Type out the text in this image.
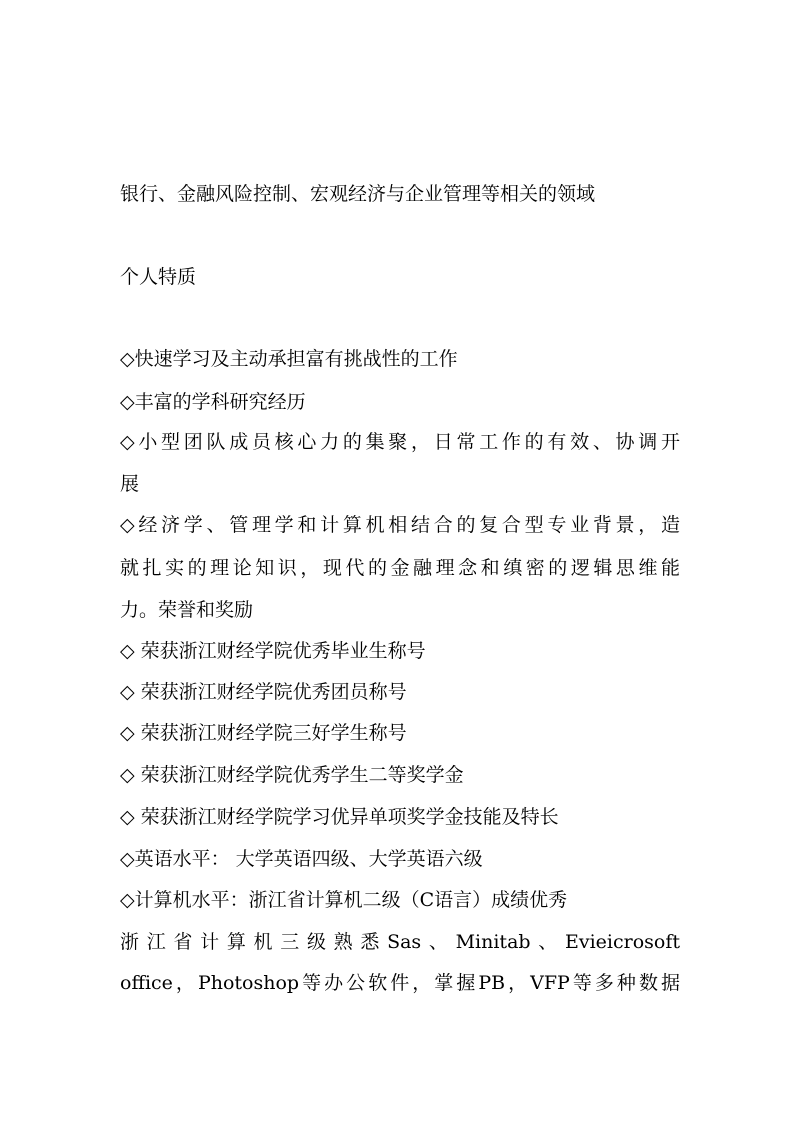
银行、金融风险控制、宏观经济与企业管理等相关的领域
个人特质
◇快速学习及主动承担富有挑战性的工作
◇丰富的学科研究经历
◇小型团队成员核心力的集聚，日常工作的有效、协调开
展
◇经济学、管理学和计算机相结合的复合型专业背景，造
就扎实的理论知识，现代的金融理念和缜密的逻辑思维能
力。荣誉和奖励
◇ 荣获浙江财经学院优秀毕业生称号
◇ 荣获浙江财经学院优秀团员称号
◇ 荣获浙江财经学院三好学生称号
◇ 荣获浙江财经学院优秀学生二等奖学金
◇ 荣获浙江财经学院学习优异单项奖学金技能及特长
◇英语水平： 大学英语四级、大学英语六级
◇计算机水平：浙江省计算机二级（C语言）成绩优秀
浙江省计算机三级熟悉Sas、Minitab、Evieicrosoft
office，Photoshop等办公软件，掌握PB，VFP等多种数据
